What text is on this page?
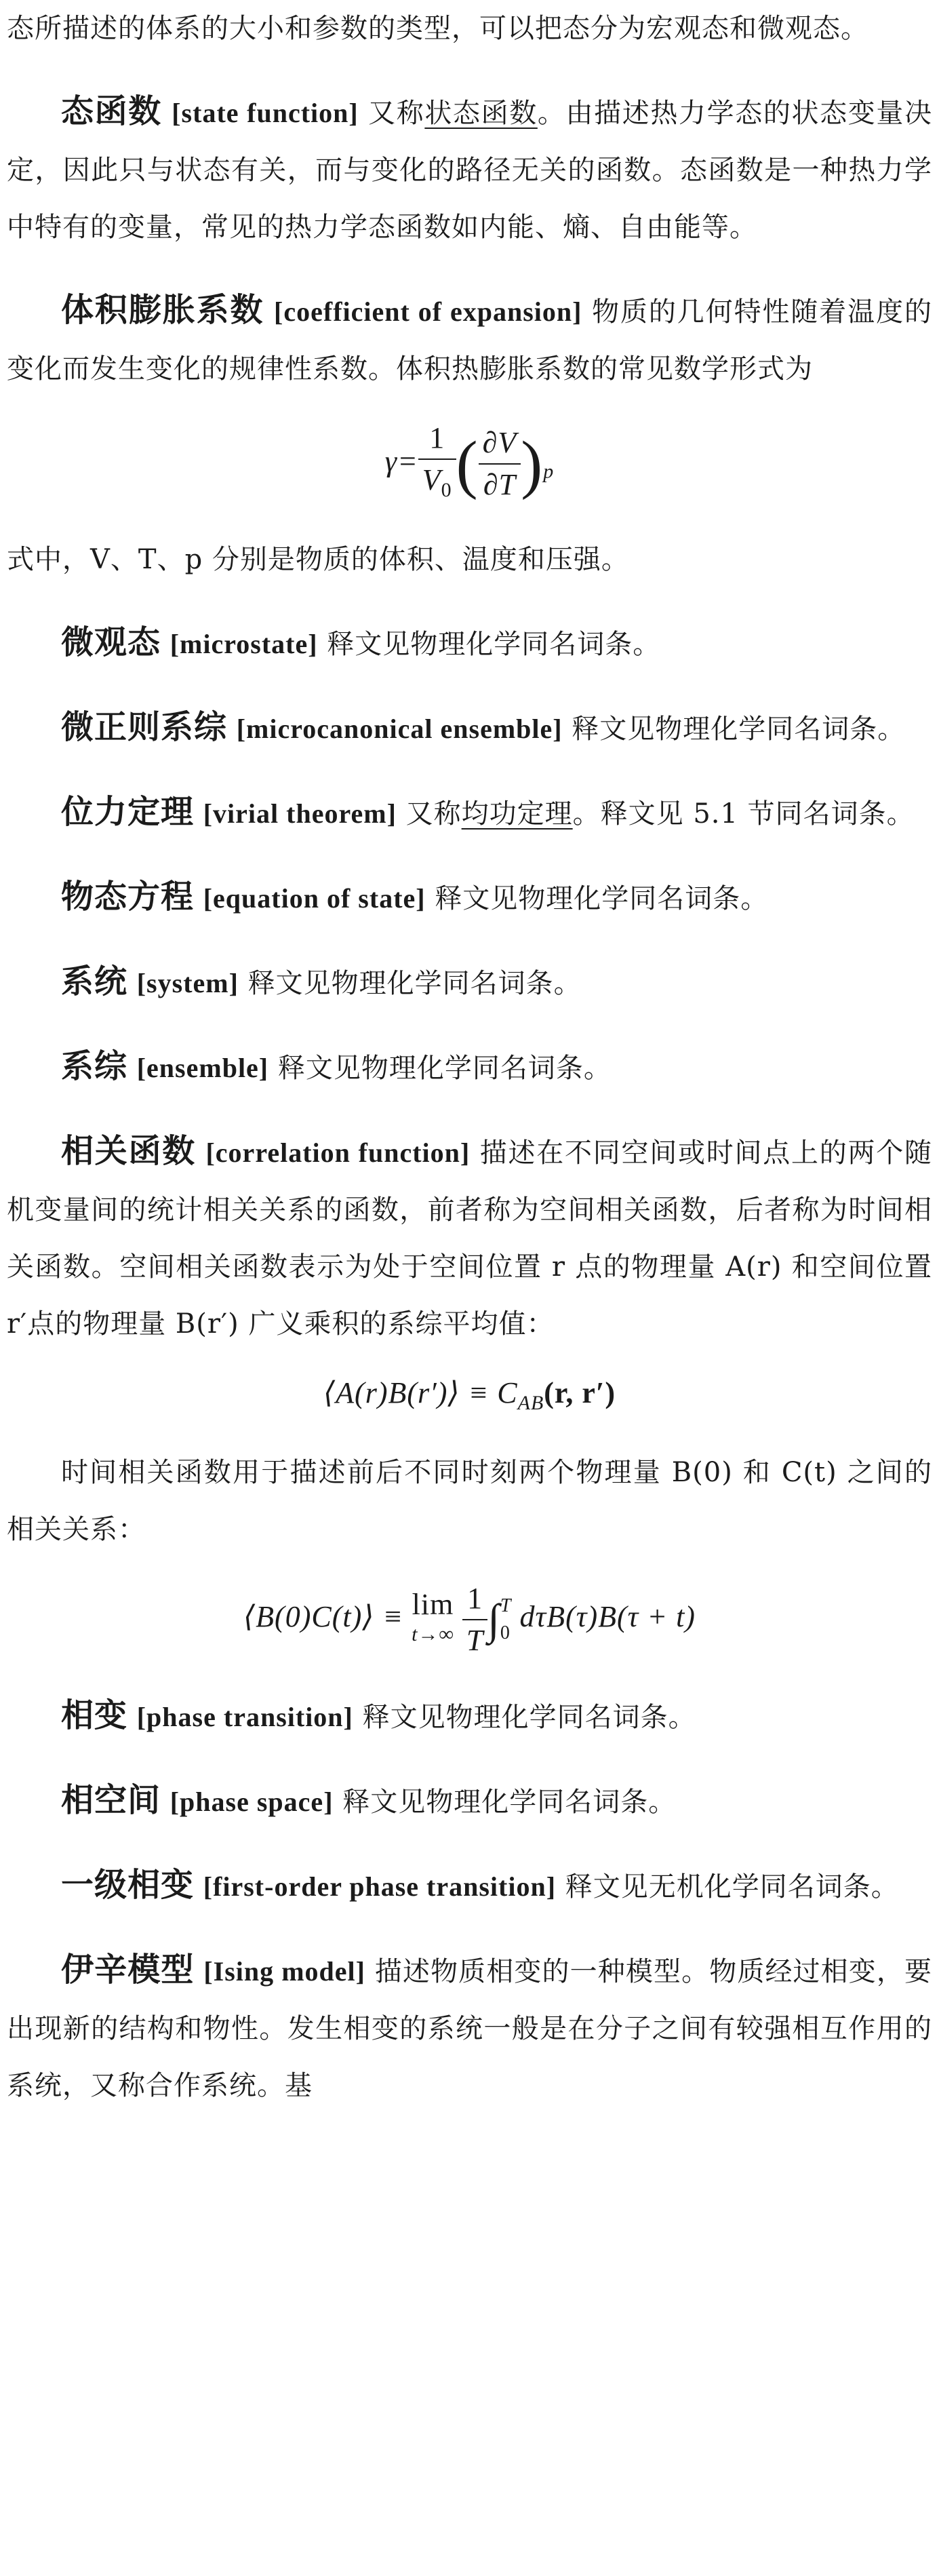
态所描述的体系的大小和参数的类型，可以把态分为宏观态和微观态。

态函数 [state function] 又称状态函数。由描述热力学态的状态变量决定，因此只与状态有关，而与变化的路径无关的函数。态函数是一种热力学中特有的变量，常见的热力学态函数如内能、熵、自由能等。

体积膨胀系数 [coefficient of expansion] 物质的几何特性随着温度的变化而发生变化的规律性系数。体积热膨胀系数的常见数学形式为

$\gamma= \frac{1}{V_0}$ ( $\frac{\partial V}{\partial T} )_p$

式中，V、T、p 分别是物质的体积、温度和压强。

微观态 [microstate] 释文见物理化学同名词条。

微正则系综 [microcanonical ensemble] 释文见物理化学同名词条。

位力定理 [virial theorem] 又称均功定理。释文见 5.1 节同名词条。

物态方程 [equation of state] 释文见物理化学同名词条。

系统 [system] 释文见物理化学同名词条。

系综 [ensemble] 释文见物理化学同名词条。

相关函数 [correlation function] 描述在不同空间或时间点上的两个随机变量间的统计相关关系的函数，前者称为空间相关函数，后者称为时间相关函数。空间相关函数表示为处于空间位置 r 点的物理量 A(r) 和空间位置 r′点的物理量 B(r′) 广义乘积的系综平均值：

⟨A(r)B(r′)⟩ ≡ $C_{AB}(r$, r′)

时间相关函数用于描述前后不同时刻两个物理量 B(0) 和 C(t) 之间的相关关系：

⟨B(0)C(t)⟩ ≡ lim
t→∞
$\frac{1}{T}$ ∫ T
0 dτB(τ)B(τ + t)

相变 [phase transition] 释文见物理化学同名词条。

相空间 [phase space] 释文见物理化学同名词条。

一级相变 [first-order phase transition] 释文见无机化学同名词条。

伊辛模型 [Ising model] 描述物质相变的一种模型。物质经过相变，要出现新的结构和物性。发生相变的系统一般是在分子之间有较强相互作用的系统，又称合作系统。基
